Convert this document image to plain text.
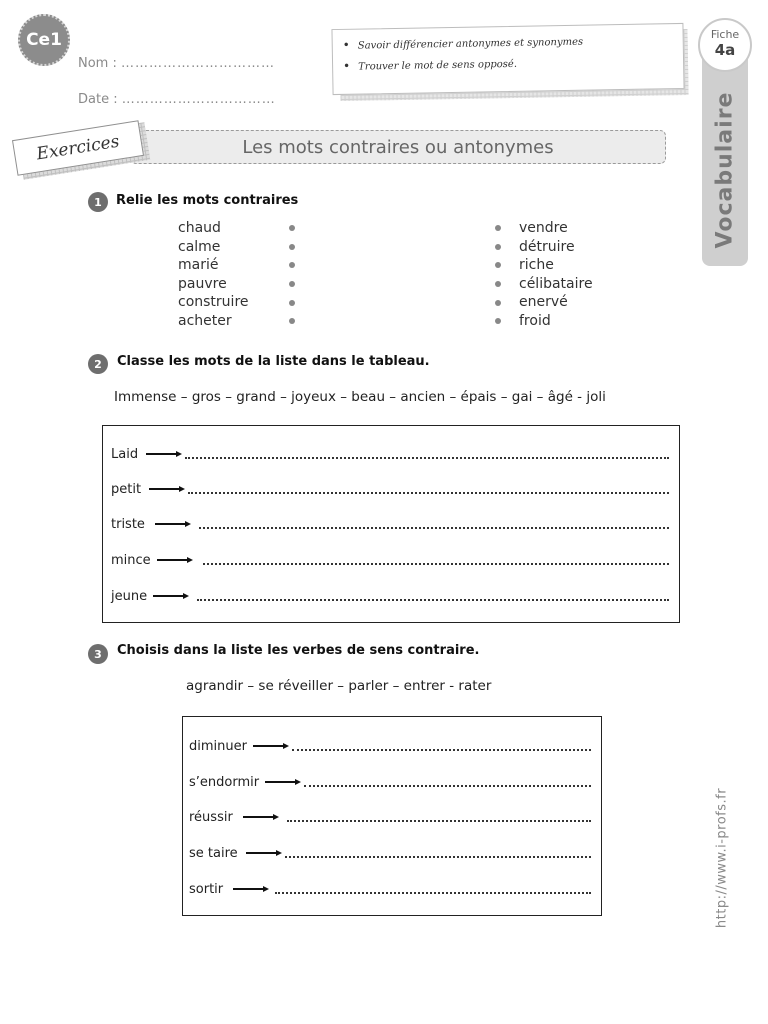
Ce1
Nom : ……………………………
Date : ……………………………
• Savoir différencier antonymes et synonymes
• Trouver le mot de sens opposé.
Fiche
4a
Vocabulaire
Les mots contraires ou antonymes
Exercices
1 Relie les mots contraires
chaud
calme
marié
pauvre
construire
acheter
vendre
détruire
riche
célibataire
enervé
froid
2 Classe les mots de la liste dans le tableau.
Immense – gros – grand – joyeux – beau – ancien – épais – gai – âgé - joli
Laid
petit
triste
mince
jeune
3 Choisis dans la liste les verbes de sens contraire.
agrandir – se réveiller – parler – entrer - rater
diminuer
s’endormir
réussir
se taire
sortir	http://www.i-profs.fr
